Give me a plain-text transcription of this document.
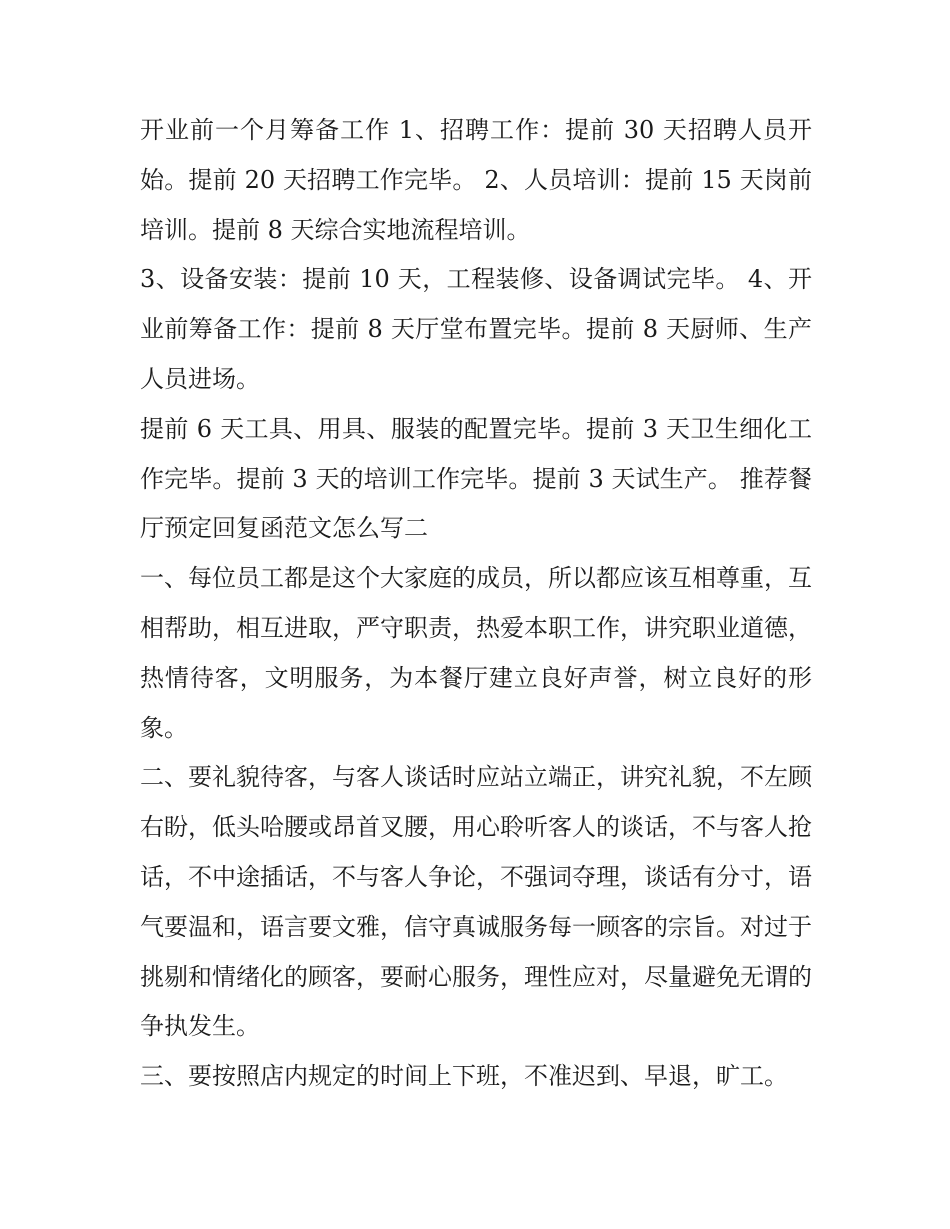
开业前一个月筹备工作 1、招聘工作：提前 30 天招聘人员开始。提前 20 天招聘工作完毕。 2、人员培训：提前 15 天岗前培训。提前 8 天综合实地流程培训。

3、设备安装：提前 10 天，工程装修、设备调试完毕。 4、开业前筹备工作：提前 8 天厅堂布置完毕。提前 8 天厨师、生产人员进场。

提前 6 天工具、用具、服装的配置完毕。提前 3 天卫生细化工作完毕。提前 3 天的培训工作完毕。提前 3 天试生产。 推荐餐厅预定回复函范文怎么写二

一、每位员工都是这个大家庭的成员，所以都应该互相尊重，互相帮助，相互进取，严守职责，热爱本职工作，讲究职业道德，热情待客，文明服务，为本餐厅建立良好声誉，树立良好的形象。

二、要礼貌待客，与客人谈话时应站立端正，讲究礼貌，不左顾右盼，低头哈腰或昂首叉腰，用心聆听客人的谈话，不与客人抢话，不中途插话，不与客人争论，不强词夺理，谈话有分寸，语气要温和，语言要文雅，信守真诚服务每一顾客的宗旨。对过于挑剔和情绪化的顾客，要耐心服务，理性应对，尽量避免无谓的争执发生。

三、要按照店内规定的时间上下班，不准迟到、早退，旷工。
